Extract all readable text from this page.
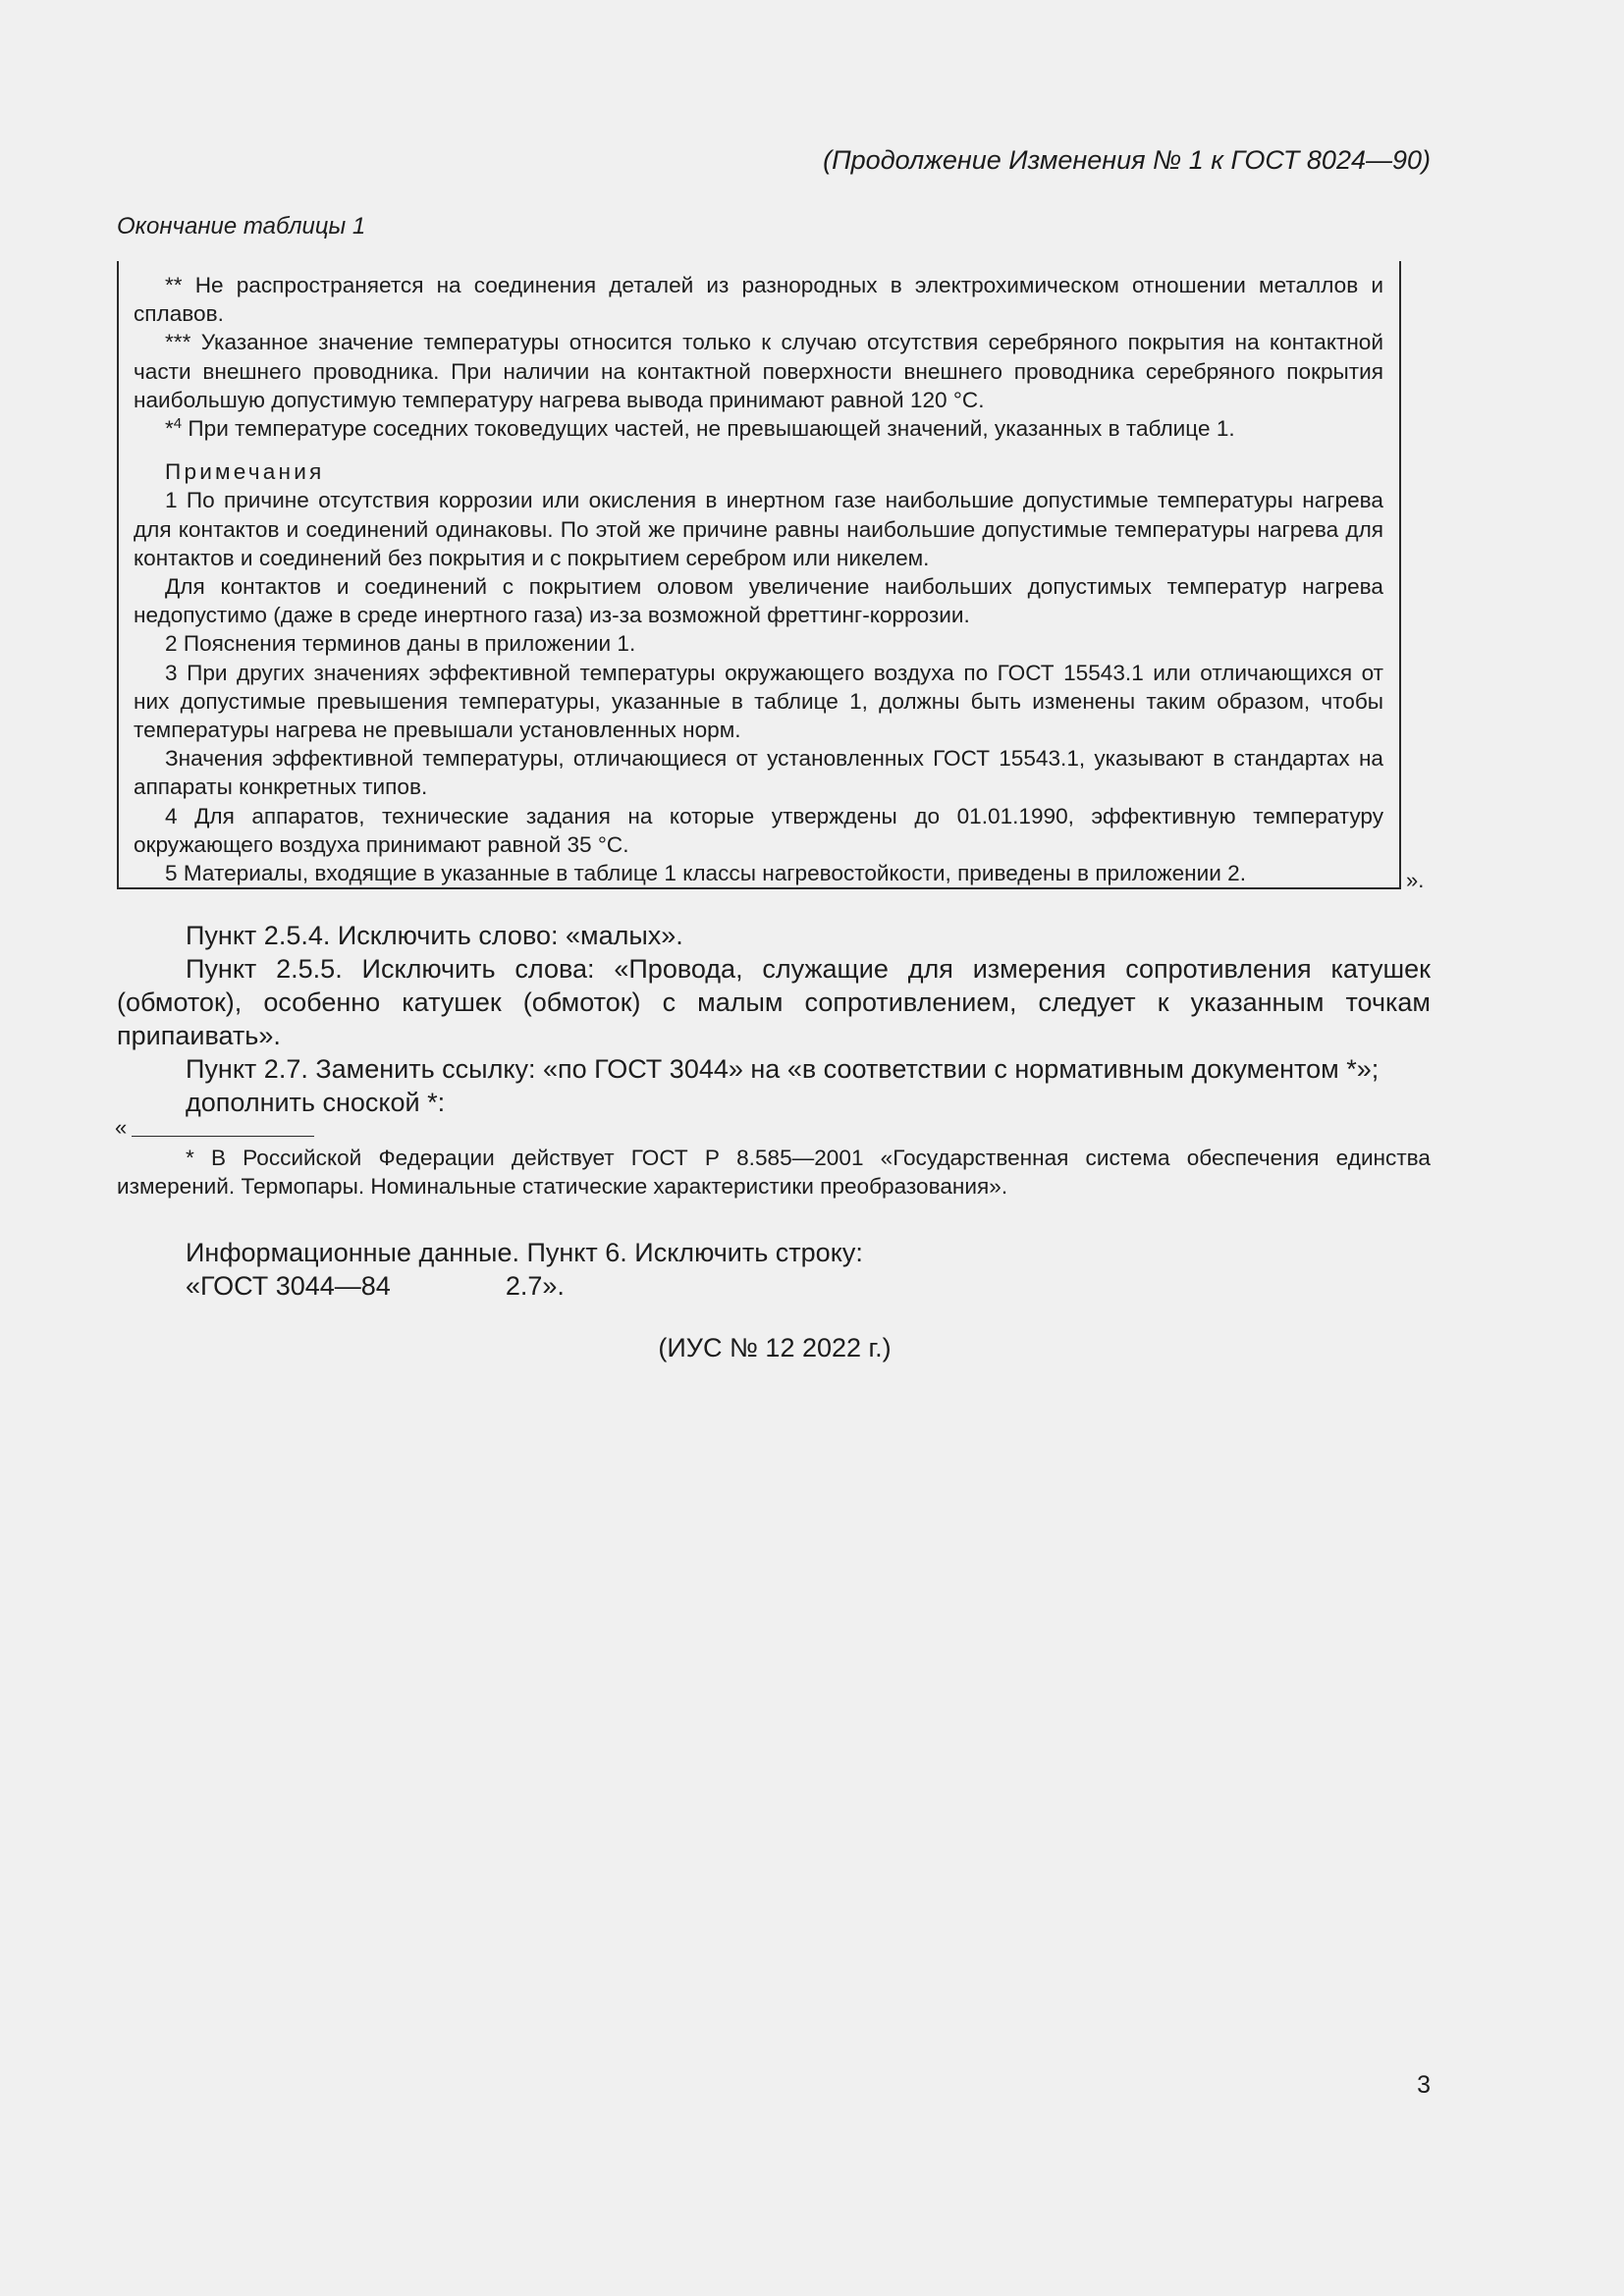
(Продолжение Изменения № 1 к ГОСТ 8024—90)
Окончание таблицы 1

** Не распространяется на соединения деталей из разнородных в электрохимическом отношении металлов и сплавов.

*** Указанное значение температуры относится только к случаю отсутствия серебряного покрытия на контактной части внешнего проводника. При наличии на контактной поверхности внешнего проводника серебряного покрытия наибольшую допустимую температуру нагрева вывода принимают равной 120 °C.

*$^4$ При температуре соседних токоведущих частей, не превышающей значений, указанных в таблице 1.

Примечания

1 По причине отсутствия коррозии или окисления в инертном газе наибольшие допустимые температуры нагрева для контактов и соединений одинаковы. По этой же причине равны наибольшие допустимые температуры нагрева для контактов и соединений без покрытия и с покрытием серебром или никелем.

Для контактов и соединений с покрытием оловом увеличение наибольших допустимых температур нагрева недопустимо (даже в среде инертного газа) из-за возможной фреттинг-коррозии.

2 Пояснения терминов даны в приложении 1.

3 При других значениях эффективной температуры окружающего воздуха по ГОСТ 15543.1 или отличающихся от них допустимые превышения температуры, указанные в таблице 1, должны быть изменены таким образом, чтобы температуры нагрева не превышали установленных норм.

Значения эффективной температуры, отличающиеся от установленных ГОСТ 15543.1, указывают в стандартах на аппараты конкретных типов.

4 Для аппаратов, технические задания на которые утверждены до 01.01.1990, эффективную температуру окружающего воздуха принимают равной 35 °C.

5 Материалы, входящие в указанные в таблице 1 классы нагревостойкости, приведены в приложении 2.	».

Пункт 2.5.4. Исключить слово: «малых».

Пункт 2.5.5. Исключить слова: «Провода, служащие для измерения сопротивления катушек (обмоток), особенно катушек (обмоток) с малым сопротивлением, следует к указанным точкам припаивать».

Пункт 2.7. Заменить ссылку: «по ГОСТ 3044» на «в соответствии с нормативным документом *»;

дополнить сноской *:

«

* В Российской Федерации действует ГОСТ Р 8.585—2001 «Государственная система обеспечения единства измерений. Термопары. Номинальные статические характеристики преобразования».

Информационные данные. Пункт 6. Исключить строку:
«ГОСТ 3044—84	2.7».
(ИУС № 12 2022 г.)
3
